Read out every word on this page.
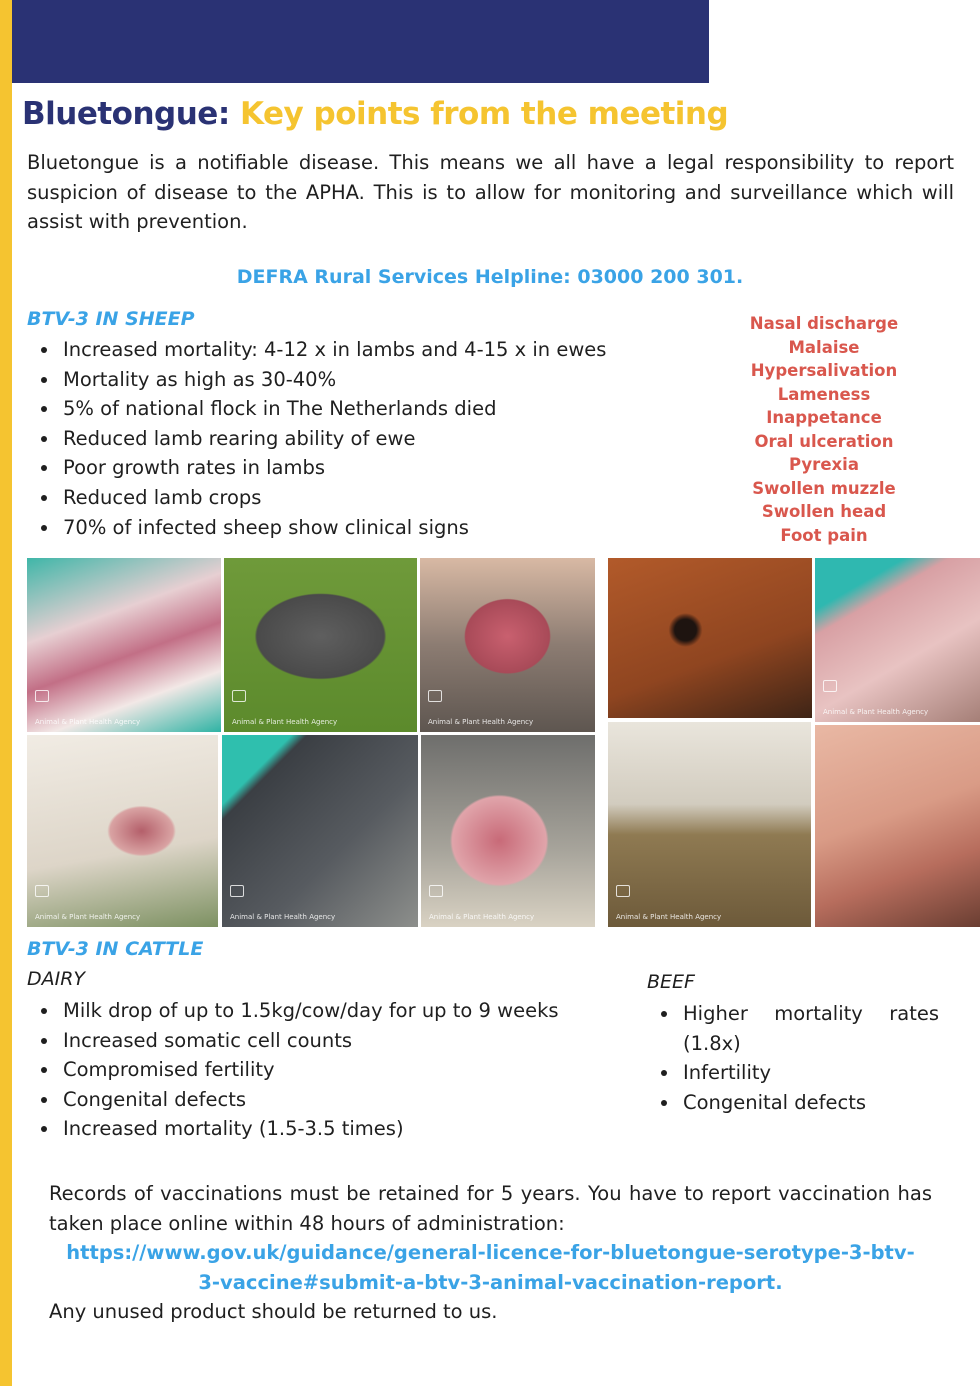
Bluetongue: Key points from the meeting
Bluetongue is a notifiable disease. This means we all have a legal responsibility to report suspicion of disease to the APHA. This is to allow for monitoring and surveillance which will assist with prevention.
DEFRA Rural Services Helpline: 03000 200 301.
BTV-3 IN SHEEP
Increased mortality: 4-12 x in lambs and 4-15 x in ewes
Mortality as high as 30-40%
5% of national flock in The Netherlands died
Reduced lamb rearing ability of ewe
Poor growth rates in lambs
Reduced lamb crops
70% of infected sheep show clinical signs
Nasal discharge
Malaise
Hypersalivation
Lameness
Inappetance
Oral ulceration
Pyrexia
Swollen muzzle
Swollen head
Foot pain
Animal & Plant Health Agency	Animal & Plant Health Agency	Animal & Plant Health Agency
Animal & Plant Health Agency	Animal & Plant Health Agency	Animal & Plant Health Agency
Animal & Plant Health Agency
Animal & Plant Health Agency
BTV-3 IN CATTLE
DAIRY
Milk drop of up to 1.5kg/cow/day for up to 9 weeks
Increased somatic cell counts
Compromised fertility
Congenital defects
Increased mortality (1.5-3.5 times)
BEEF
Higher mortality rates (1.8x)
Infertility
Congenital defects
Records of vaccinations must be retained for 5 years. You have to report vaccination has taken place online within 48 hours of administration:
https://www.gov.uk/guidance/general-licence-for-bluetongue-serotype-3-btv-3-vaccine#submit-a-btv-3-animal-vaccination-report.
Any unused product should be returned to us.
